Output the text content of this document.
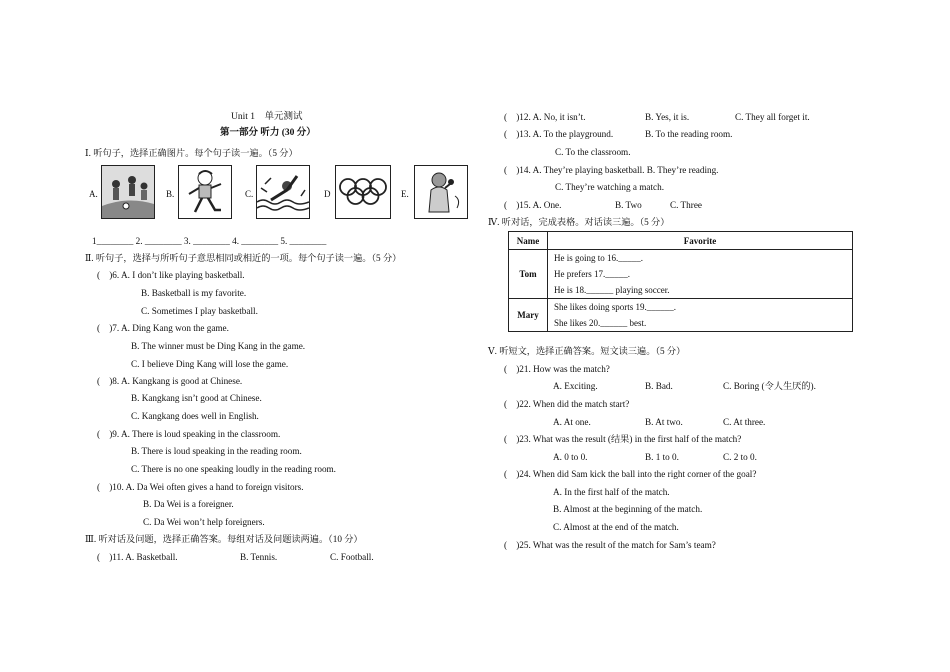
Unit 1　单元测试
第一部分 听力 (30 分）
Ⅰ. 听句子，选择正确图片。每个句子读一遍。（5 分）
A.	B.	C.	D	E.
1________ 2. ________ 3. ________ 4. ________ 5. ________
Ⅱ. 听句子，选择与所听句子意思相同或相近的一项。每个句子读一遍。（5 分）
(　)6. A. I don’t like playing basketball.
B. Basketball is my favorite.
C. Sometimes I play basketball.
(　)7. A. Ding Kang won the game.
B. The winner must be Ding Kang in the game.
C. I believe Ding Kang will lose the game.
(　)8. A. Kangkang is good at Chinese.
B. Kangkang isn’t good at Chinese.
C. Kangkang does well in English.
(　)9. A. There is loud speaking in the classroom.
B. There is loud speaking in the reading room.
C. There is no one speaking loudly in the reading room.
(　)10. A. Da Wei often gives a hand to foreign visitors.
B. Da Wei is a foreigner.
C. Da Wei won’t help foreigners.
Ⅲ. 听对话及问题，选择正确答案。每组对话及问题读两遍。（10 分）
(　)11. A. Basketball.	B. Tennis.	C. Football.
(　)12. A. No, it isn’t.	B. Yes, it is.	C. They all forget it.
(　)13. A. To the playground.	B. To the reading room.
C. To the classroom.
(　)14. A. They’re playing basketball. B. They’re reading.
C. They’re watching a match.
(　)15. A. One.	B. Two	C. Three
Ⅳ. 听对话，完成表格。对话读三遍。（5 分）
Name	Favorite
Tom	He is going to 16._____.
	He prefers 17._____.
	He is 18.______ playing soccer.
Mary	She likes doing sports 19.______.
	She likes 20.______ best.
Ⅴ. 听短文，选择正确答案。短文读三遍。（5 分）
(　)21. How was the match?
A. Exciting.	B. Bad.	C. Boring (令人生厌的).
(　)22. When did the match start?
A. At one.	B. At two.	C. At three.
(　)23. What was the result (结果) in the first half of the match?
A. 0 to 0.	B. 1 to 0.	C. 2 to 0.
(　)24. When did Sam kick the ball into the right corner of the goal?
A. In the first half of the match.
B. Almost at the beginning of the match.
C. Almost at the end of the match.
(　)25. What was the result of the match for Sam’s team?
